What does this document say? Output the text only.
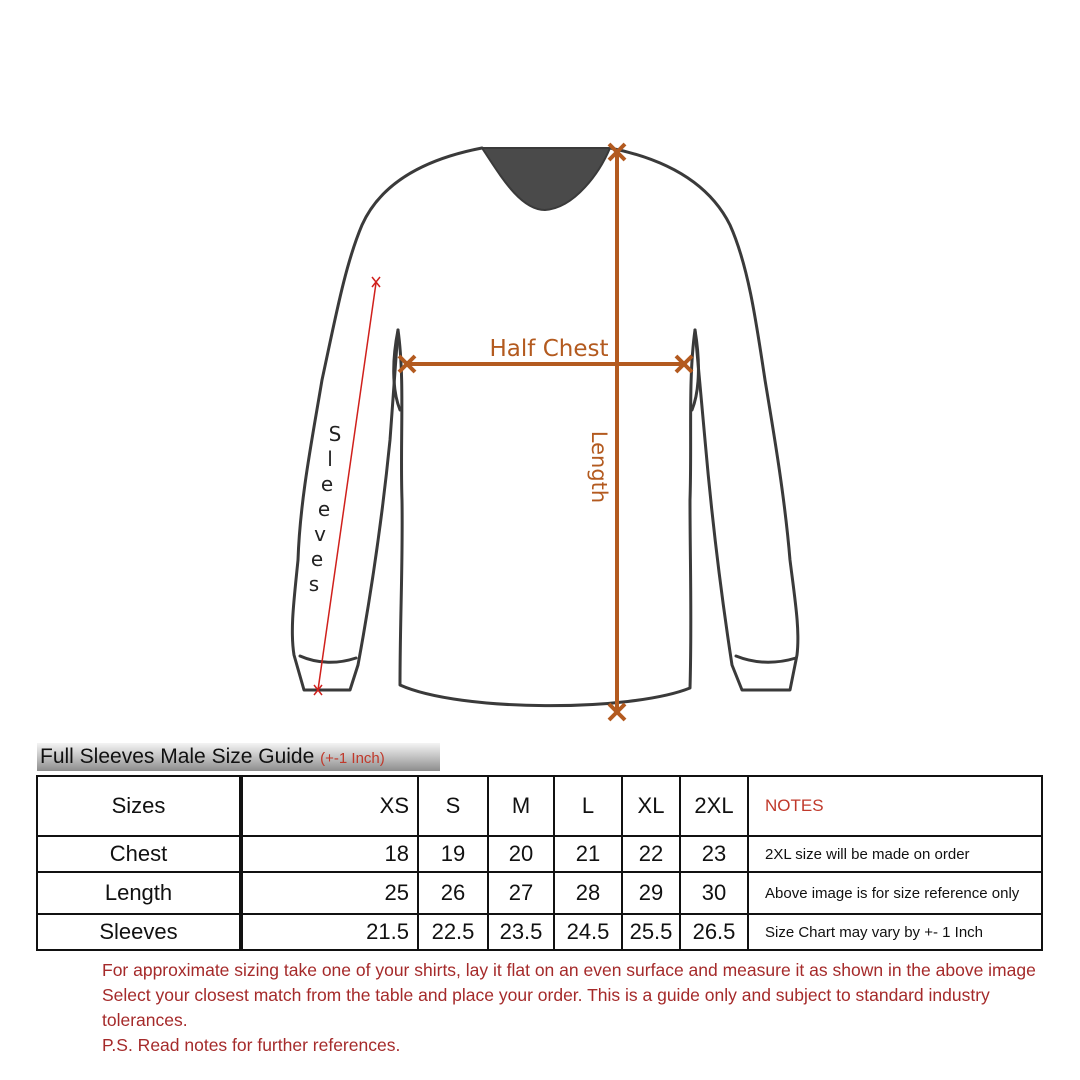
Half Chest
Length
S
l
e
e
v
e
s
Full Sleeves Male Size Guide (+-1 Inch)
Sizes	XS	S	M	L	XL	2XL	NOTES
Chest	18	19	20	21	22	23	2XL size will be made on order
Length	25	26	27	28	29	30	Above image is for size reference only
Sleeves	21.5	22.5	23.5	24.5	25.5	26.5	Size Chart may vary by +- 1 Inch

For approximate sizing take one of your shirts, lay it flat on an even surface and measure it as shown in the above image Select your closest match from the table and place your order. This is a guide only and subject to standard industry tolerances.

P.S. Read notes for further references.
